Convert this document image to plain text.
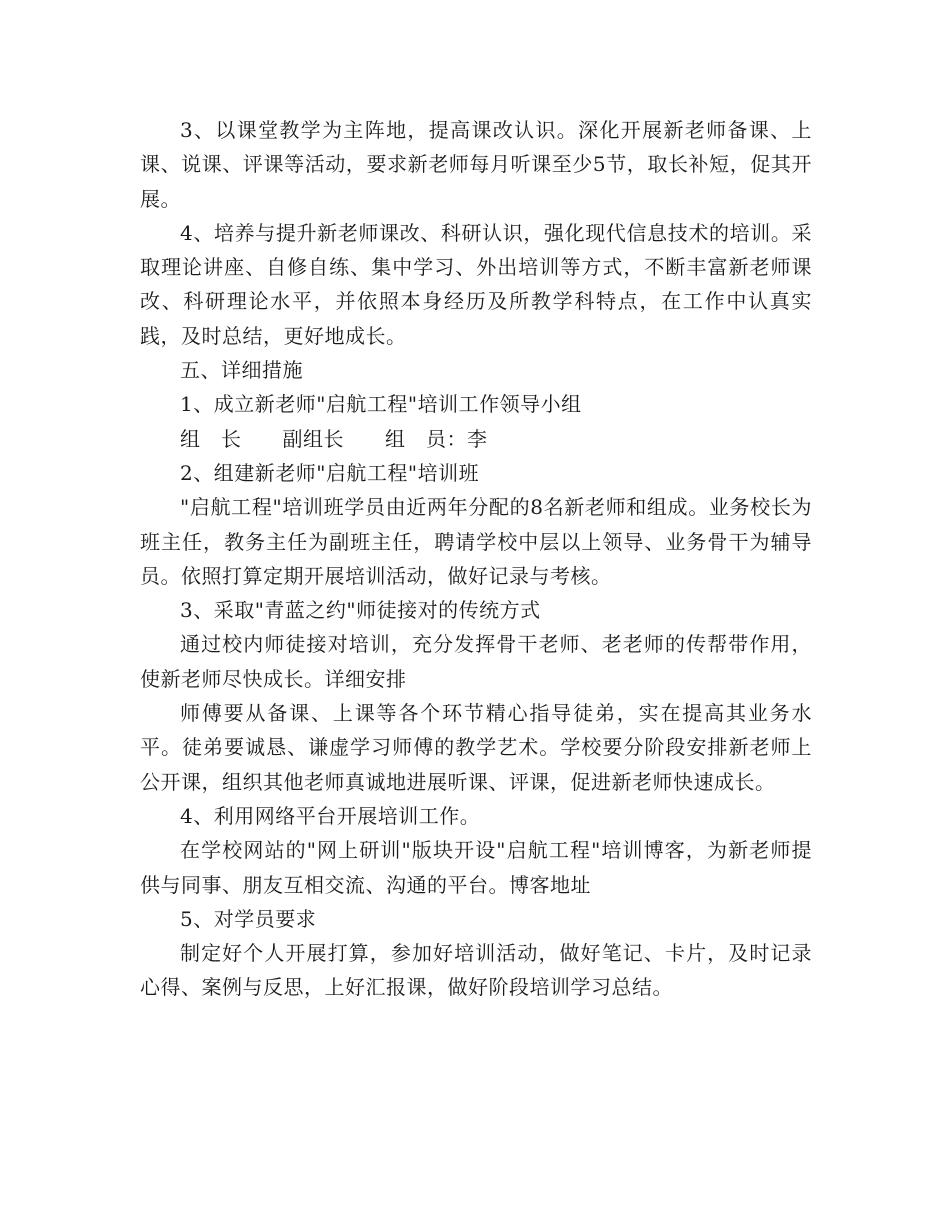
3、以课堂教学为主阵地，提高课改认识。深化开展新老师备课、上课、说课、评课等活动，要求新老师每月听课至少5节，取长补短，促其开展。

4、培养与提升新老师课改、科研认识，强化现代信息技术的培训。采取理论讲座、自修自练、集中学习、外出培训等方式，不断丰富新老师课改、科研理论水平，并依照本身经历及所教学科特点，在工作中认真实践，及时总结，更好地成长。

五、详细措施

1、成立新老师"启航工程"培训工作领导小组

组　长　　副组长　　组　员：李

2、组建新老师"启航工程"培训班

"启航工程"培训班学员由近两年分配的8名新老师和组成。业务校长为班主任，教务主任为副班主任，聘请学校中层以上领导、业务骨干为辅导员。依照打算定期开展培训活动，做好记录与考核。

3、采取"青蓝之约"师徒接对的传统方式

通过校内师徒接对培训，充分发挥骨干老师、老老师的传帮带作用，使新老师尽快成长。详细安排

师傅要从备课、上课等各个环节精心指导徒弟，实在提高其业务水平。徒弟要诚恳、谦虚学习师傅的教学艺术。学校要分阶段安排新老师上公开课，组织其他老师真诚地进展听课、评课，促进新老师快速成长。

4、利用网络平台开展培训工作。

在学校网站的"网上研训"版块开设"启航工程"培训博客，为新老师提供与同事、朋友互相交流、沟通的平台。博客地址

5、对学员要求

制定好个人开展打算，参加好培训活动，做好笔记、卡片，及时记录心得、案例与反思，上好汇报课，做好阶段培训学习总结。
